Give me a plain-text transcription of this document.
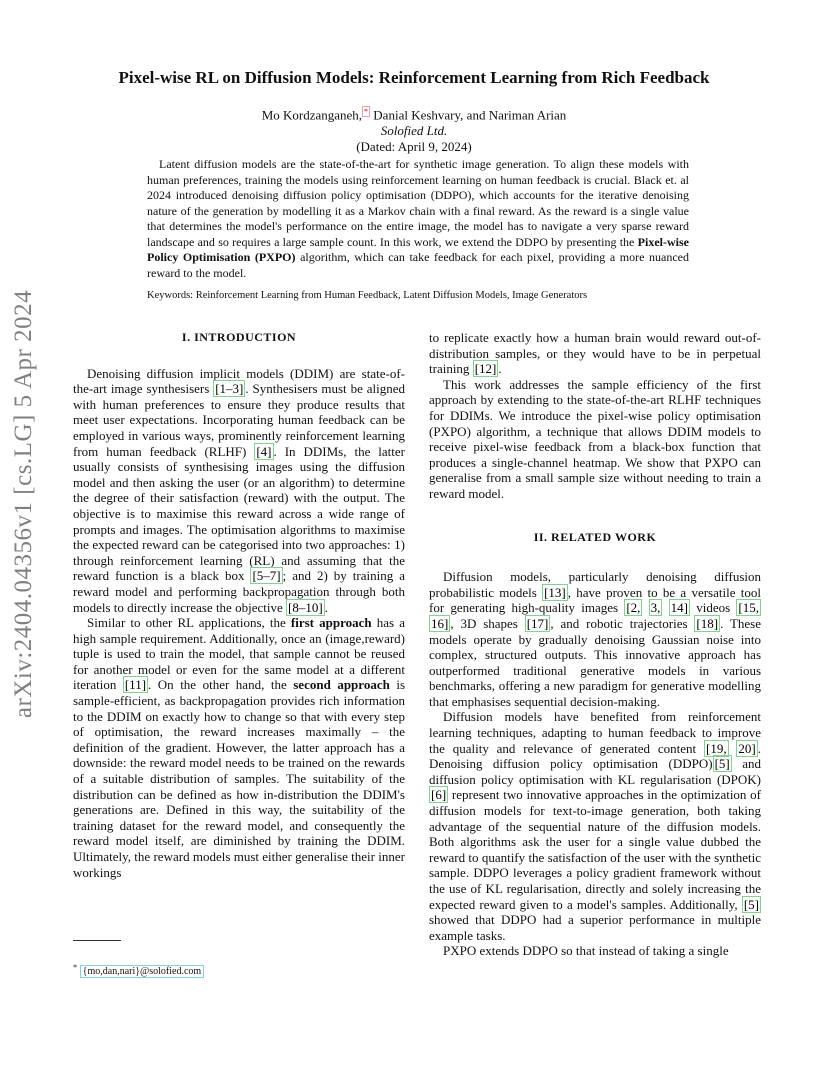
arXiv:2404.04356v1 [cs.LG] 5 Apr 2024
Pixel-wise RL on Diffusion Models: Reinforcement Learning from Rich Feedback
Mo Kordzanganeh, * Danial Keshvary, and Nariman Arian
Solofied Ltd.
(Dated: April 9, 2024)
Latent diffusion models are the state-of-the-art for synthetic image generation. To align these models with human preferences, training the models using reinforcement learning on human feedback is crucial. Black et. al 2024 introduced denoising diffusion policy optimisation (DDPO), which accounts for the iterative denoising nature of the generation by modelling it as a Markov chain with a final reward. As the reward is a single value that determines the model's performance on the entire image, the model has to navigate a very sparse reward landscape and so requires a large sample count. In this work, we extend the DDPO by presenting the Pixel-wise Policy Optimisation (PXPO) algorithm, which can take feedback for each pixel, providing a more nuanced reward to the model.
Keywords: Reinforcement Learning from Human Feedback, Latent Diffusion Models, Image Generators
I. INTRODUCTION

Denoising diffusion implicit models (DDIM) are state-of-the-art image synthesisers [1–3] . Synthesisers must be aligned with human preferences to ensure they produce results that meet user expectations. Incorporating human feedback can be employed in various ways, prominently reinforcement learning from human feedback (RLHF) [4] . In DDIMs, the latter usually consists of synthesising images using the diffusion model and then asking the user (or an algorithm) to determine the degree of their satisfaction (reward) with the output. The objective is to maximise this reward across a wide range of prompts and images. The optimisation algorithms to maximise the expected reward can be categorised into two approaches: 1) through reinforcement learning (RL) and assuming that the reward function is a black box [5–7] ; and 2) by training a reward model and performing backpropagation through both models to directly increase the objective [8–10] .

Similar to other RL applications, the first approach has a high sample requirement. Additionally, once an (image,reward) tuple is used to train the model, that sample cannot be reused for another model or even for the same model at a different iteration [11] . On the other hand, the second approach is sample-efficient, as backpropagation provides rich information to the DDIM on exactly how to change so that with every step of optimisation, the reward increases maximally – the definition of the gradient. However, the latter approach has a downside: the reward model needs to be trained on the rewards of a suitable distribution of samples. The suitability of the distribution can be defined as how in-distribution the DDIM's generations are. Defined in this way, the suitability of the training dataset for the reward model, and consequently the reward model itself, are diminished by training the DDIM. Ultimately, the reward models must either generalise their inner workings

to replicate exactly how a human brain would reward out-of-distribution samples, or they would have to be in perpetual training [12] .

This work addresses the sample efficiency of the first approach by extending to the state-of-the-art RLHF techniques for DDIMs. We introduce the pixel-wise policy optimisation (PXPO) algorithm, a technique that allows DDIM models to receive pixel-wise feedback from a black-box function that produces a single-channel heatmap. We show that PXPO can generalise from a small sample size without needing to train a reward model.

II. RELATED WORK

Diffusion models, particularly denoising diffusion probabilistic models [13] , have proven to be a versatile tool for generating high-quality images [2, 3, 14] videos [15, 16] , 3D shapes [17] , and robotic trajectories [18] . These models operate by gradually denoising Gaussian noise into complex, structured outputs. This innovative approach has outperformed traditional generative models in various benchmarks, offering a new paradigm for generative modelling that emphasises sequential decision-making.

Diffusion models have benefited from reinforcement learning techniques, adapting to human feedback to improve the quality and relevance of generated content [19, 20] . Denoising diffusion policy optimisation (DDPO) [5] and diffusion policy optimisation with KL regularisation (DPOK)[6] represent two innovative approaches in the optimization of diffusion models for text-to-image generation, both taking advantage of the sequential nature of the diffusion models. Both algorithms ask the user for a single value dubbed the reward to quantify the satisfaction of the user with the synthetic sample. DDPO leverages a policy gradient framework without the use of KL regularisation, directly and solely increasing the expected reward given to a model's samples. Additionally, [5] showed that DDPO had a superior performance in multiple example tasks.

PXPO extends DDPO so that instead of taking a single

* {mo,dan,nari}@solofied.com
